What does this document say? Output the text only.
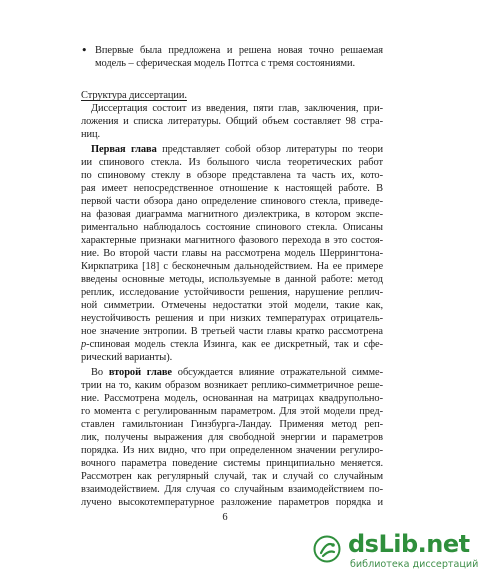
• Впервые была предложена и решена новая точно решаемая
модель – сферическая модель Поттса с тремя состояниями.
Структура диссертации.
Диссертация состоит из введения, пяти глав, заключения, при-
ложения и списка литературы. Общий объем составляет 98 стра-
ниц.
Первая глава представляет собой обзор литературы по теори
ии спинового стекла. Из большого числа теоретических работ
по спиновому стеклу в обзоре представлена та часть их, кото-
рая имеет непосредственное отношение к настоящей работе. В
первой части обзора дано определение спинового стекла, приведе-
на фазовая диаграмма магнитного диэлектрика, в котором экспе-
риментально наблюдалось состояние спинового стекла. Описаны
характерные признаки магнитного фазового перехода в это состоя-
ние. Во второй части главы на рассмотрена модель Шеррингтона-
Киркпатрика [18] с бесконечным дальнодействием. На ее примере
введены основные методы, используемые в данной работе: метод
реплик, исследование устойчивости решения, нарушение реплич-
ной симметрии. Отмечены недостатки этой модели, такие как,
неустойчивость решения и при низких температурах отрицатель-
ное значение энтропии. В третьей части главы кратко рассмотрена
p-спиновая модель стекла Изинга, как ее дискретный, так и сфе-
рический варианты).
Во второй главе обсуждается влияние отражательной симме-
трии на то, каким образом возникает реплико-симметричное реше-
ние. Рассмотрена модель, основанная на матрицах квадрупольно-
го момента с регулированным параметром. Для этой модели пред-
ставлен гамильтониан Гинзбурга-Ландау. Применяя метод реп-
лик, получены выражения для свободной энергии и параметров
порядка. Из них видно, что при определенном значении регулиро-
вочного параметра поведение системы принципиально меняется.
Рассмотрен как регулярный случай, так и случай со случайным
взаимодействием. Для случая со случайным взаимодействием по-
лучено высокотемпературное разложение параметров порядка и
6
dsLib.net
библиотека диссертаций
